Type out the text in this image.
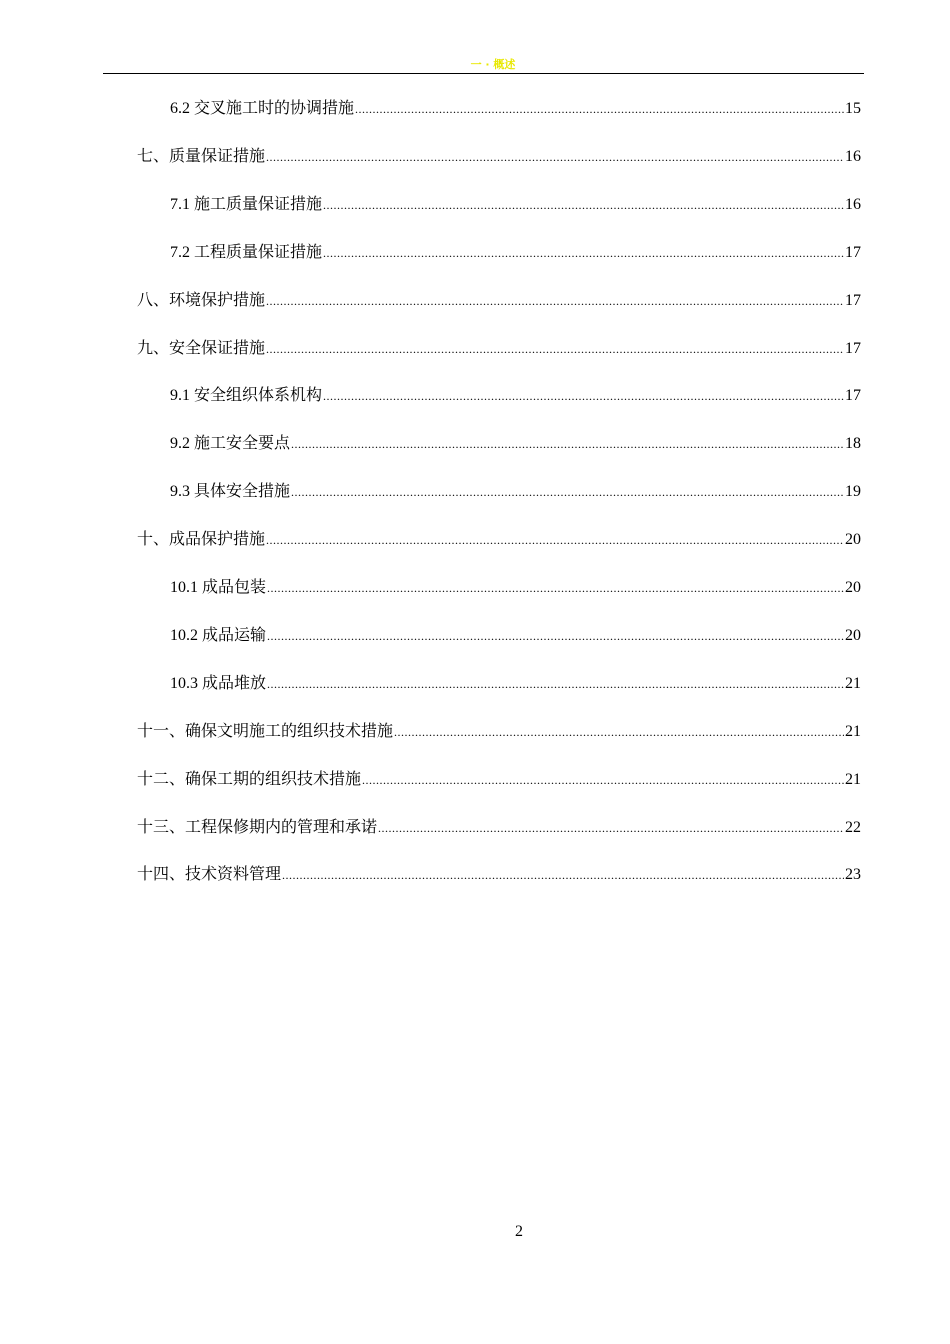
一 · 概述
6.2 交叉施工时的协调措施 .....	15
七、质量保证措施 .....	16
7.1 施工质量保证措施 .....	16
7.2 工程质量保证措施 .....	17
八、环境保护措施 .....	17
九、安全保证措施 .....	17
9.1 安全组织体系机构 .....	17
9.2 施工安全要点 .....	18
9.3 具体安全措施 .....	19
十、成品保护措施 .....	20
10.1 成品包装 .....	20
10.2 成品运输 .....	20
10.3 成品堆放 .....	21
十一、确保文明施工的组织技术措施 .....	21
十二、确保工期的组织技术措施 .....	21
十三、工程保修期内的管理和承诺 .....	22
十四、技术资料管理 .....	23
2
